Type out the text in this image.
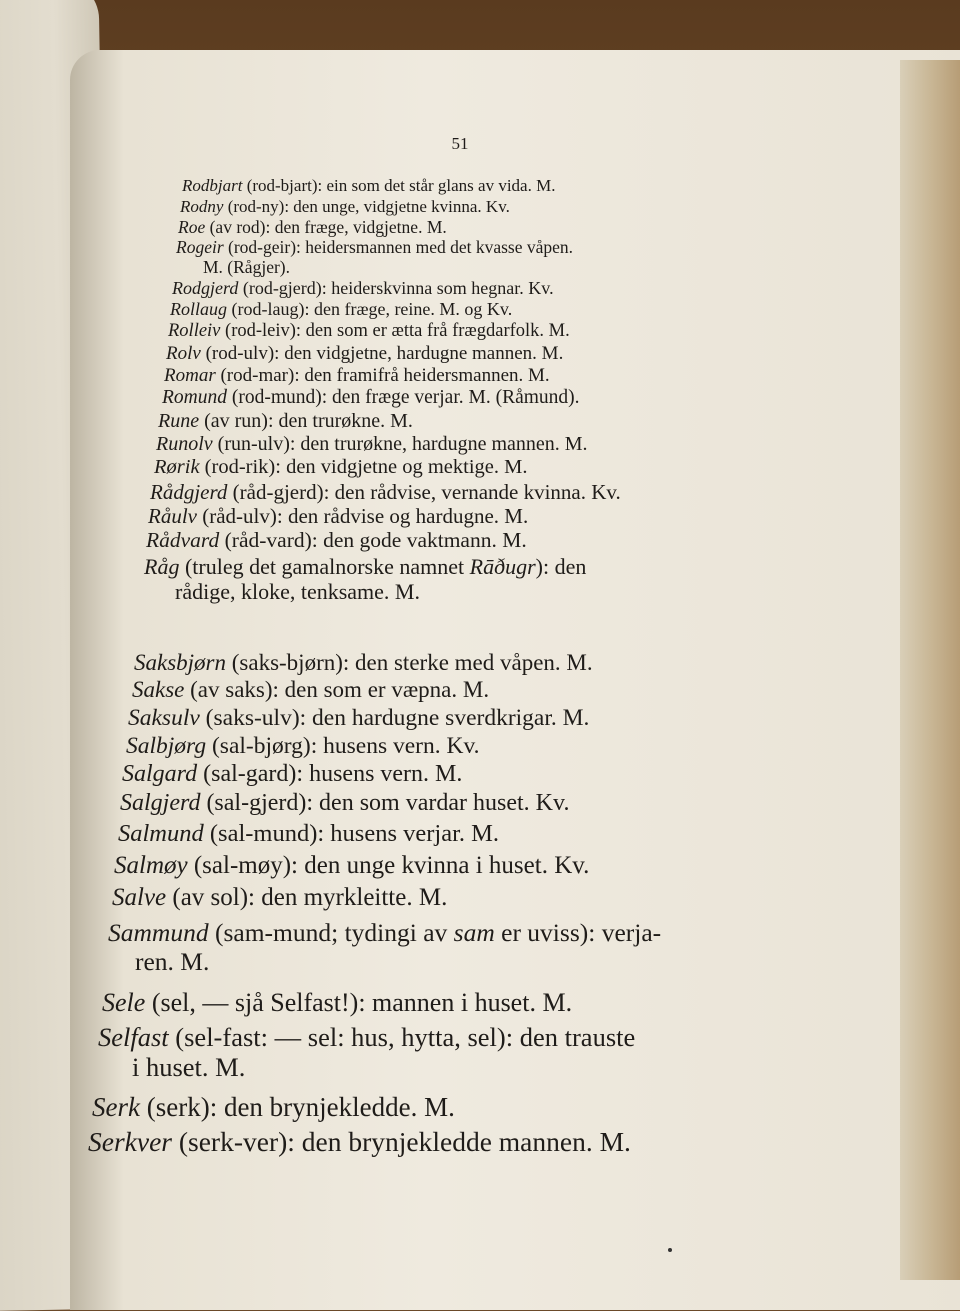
51
Rodbjart (rod-bjart): ein som det står glans av vida. M.
Rodny (rod-ny): den unge, vidgjetne kvinna. Kv.
Roe (av rod): den fræge, vidgjetne. M.
Rogeir (rod-geir): heidersmannen med det kvasse våpen.
M. (Rågjer).
Rodgjerd (rod-gjerd): heiderskvinna som hegnar. Kv.
Rollaug (rod-laug): den fræge, reine. M. og Kv.
Rolleiv (rod-leiv): den som er ætta frå frægdarfolk. M.
Rolv (rod-ulv): den vidgjetne, hardugne mannen. M.
Romar (rod-mar): den framifrå heidersmannen. M.
Romund (rod-mund): den fræge verjar. M. (Råmund).
Rune (av run): den trurøkne. M.
Runolv (run-ulv): den trurøkne, hardugne mannen. M.
Rørik (rod-rik): den vidgjetne og mektige. M.
Rådgjerd (råd-gjerd): den rådvise, vernande kvinna. Kv.
Råulv (råd-ulv): den rådvise og hardugne. M.
Rådvard (råd-vard): den gode vaktmann. M.
Råg (truleg det gamalnorske namnet Rāðugr): den
rådige, kloke, tenksame. M.
Saksbjørn (saks-bjørn): den sterke med våpen. M.
Sakse (av saks): den som er væpna. M.
Saksulv (saks-ulv): den hardugne sverdkrigar. M.
Salbjørg (sal-bjørg): husens vern. Kv.
Salgard (sal-gard): husens vern. M.
Salgjerd (sal-gjerd): den som vardar huset. Kv.
Salmund (sal-mund): husens verjar. M.
Salmøy (sal-møy): den unge kvinna i huset. Kv.
Salve (av sol): den myrkleitte. M.
Sammund (sam-mund; tydingi av sam er uviss): verja-
ren. M.
Sele (sel, — sjå Selfast!): mannen i huset. M.
Selfast (sel-fast: — sel: hus, hytta, sel): den trauste
i huset. M.
Serk (serk): den brynjekledde. M.
Serkver (serk-ver): den brynjekledde mannen. M.
